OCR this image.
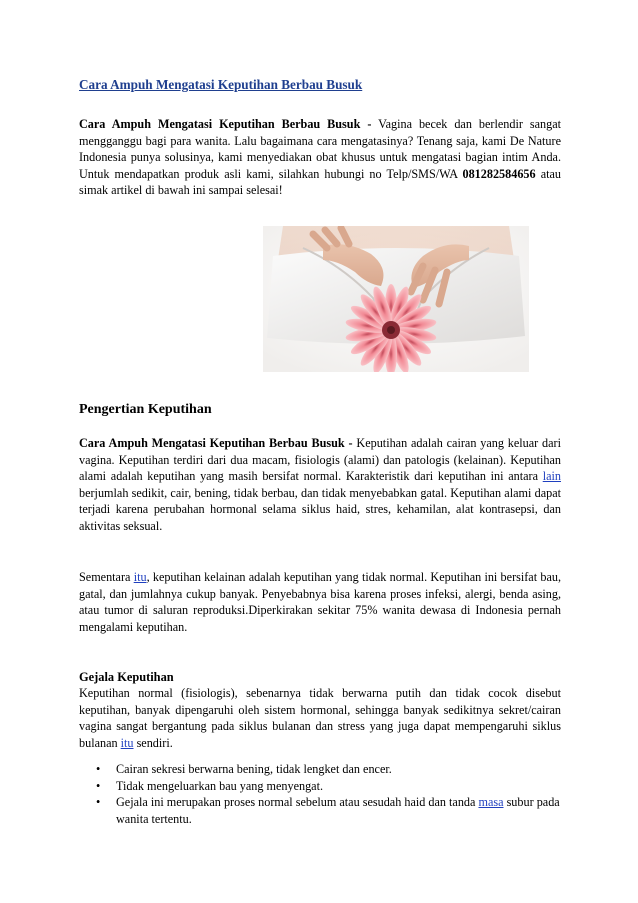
Cara Ampuh Mengatasi Keputihan Berbau Busuk

Cara Ampuh Mengatasi Keputihan Berbau Busuk - Vagina becek dan berlendir sangat mengganggu bagi para wanita. Lalu bagaimana cara mengatasinya? Tenang saja, kami De Nature Indonesia punya solusinya, kami menyediakan obat khusus untuk mengatasi bagian intim Anda. Untuk mendapatkan produk asli kami, silahkan hubungi no Telp/SMS/WA 081282584656 atau simak artikel di bawah ini sampai selesai!

Pengertian Keputihan

Cara Ampuh Mengatasi Keputihan Berbau Busuk - Keputihan adalah cairan yang keluar dari vagina. Keputihan terdiri dari dua macam, fisiologis (alami) dan patologis (kelainan). Keputihan alami adalah keputihan yang masih bersifat normal. Karakteristik dari keputihan ini antara lain berjumlah sedikit, cair, bening, tidak berbau, dan tidak menyebabkan gatal. Keputihan alami dapat terjadi karena perubahan hormonal selama siklus haid, stres, kehamilan, alat kontrasepsi, dan aktivitas seksual.

Sementara itu, keputihan kelainan adalah keputihan yang tidak normal. Keputihan ini bersifat bau, gatal, dan jumlahnya cukup banyak. Penyebabnya bisa karena proses infeksi, alergi, benda asing, atau tumor di saluran reproduksi.Diperkirakan sekitar 75% wanita dewasa di Indonesia pernah mengalami keputihan.

Gejala Keputihan

Keputihan normal (fisiologis), sebenarnya tidak berwarna putih dan tidak cocok disebut keputihan, banyak dipengaruhi oleh sistem hormonal, sehingga banyak sedikitnya sekret/cairan vagina sangat bergantung pada siklus bulanan dan stress yang juga dapat mempengaruhi siklus bulanan itu sendiri.

• Cairan sekresi berwarna bening, tidak lengket dan encer.
• Tidak mengeluarkan bau yang menyengat.
• Gejala ini merupakan proses normal sebelum atau sesudah haid dan tanda masa subur pada wanita tertentu.
